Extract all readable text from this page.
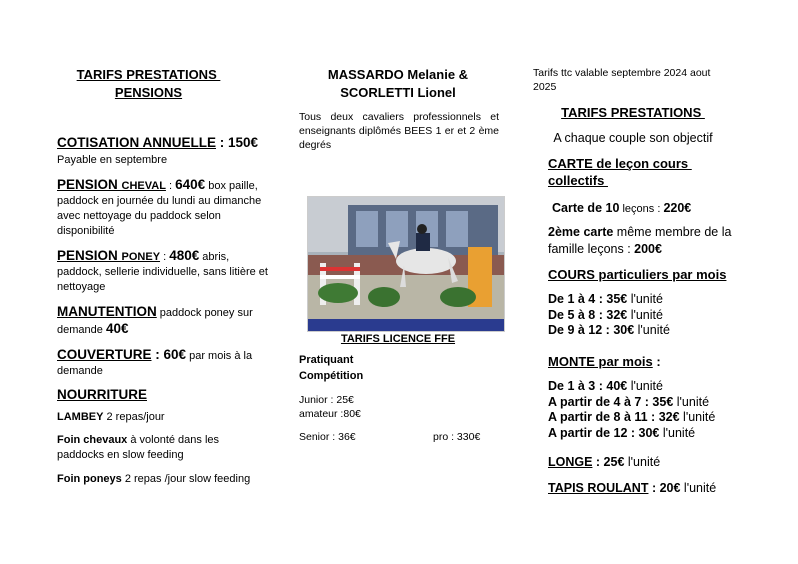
TARIFS PRESTATIONS
PENSIONS
COTISATION ANNUELLE : 150€
Payable en septembre
PENSION CHEVAL : 640€ box paille, paddock en journée du lundi au dimanche avec nettoyage du paddock selon disponibilité
PENSION PONEY : 480€ abris, paddock, sellerie individuelle, sans litière et nettoyage
MANUTENTION paddock poney sur demande 40€
COUVERTURE : 60€ par mois à la demande
NOURRITURE
LAMBEY 2 repas/jour
Foin chevaux à volonté dans les paddocks en slow feeding
Foin poneys 2 repas /jour slow feeding
MASSARDO Melanie &
SCORLETTI Lionel
Tous deux cavaliers professionnels et enseignants diplômés BEES 1 er et 2 ème degrés
TARIFS LICENCE FFE
Pratiquant
Compétition
Junior : 25€
amateur :80€
Senior : 36€	pro : 330€
Tarifs ttc valable septembre 2024 aout 2025
TARIFS PRESTATIONS
A chaque couple son objectif
CARTE de leçon cours
collectifs
Carte de 10 leçons : 220€
2ème carte même membre de la famille leçons : 200€
COURS particuliers par mois
De 1 à 4 : 35€ l'unité
De 5 à 8 : 32€ l'unité
De 9 à 12 : 30€ l'unité
MONTE par mois :
De 1 à 3 : 40€ l'unité
A partir de 4 à 7 : 35€ l'unité
A partir de 8 à 11 : 32€ l'unité
A partir de 12 : 30€ l'unité
LONGE : 25€ l'unité
TAPIS ROULANT : 20€ l'unité
